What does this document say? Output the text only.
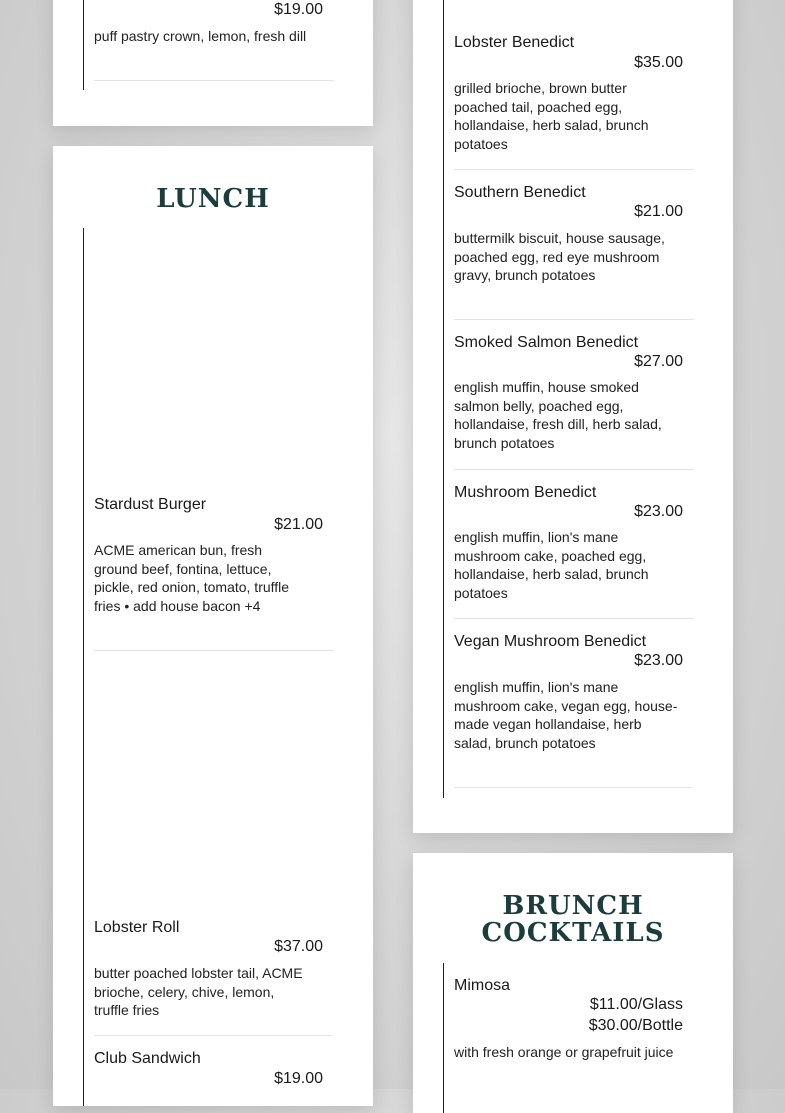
$19.00
puff pastry crown, lemon, fresh dill
LUNCH
Stardust Burger
$21.00
ACME american bun, fresh ground beef, fontina, lettuce, pickle, red onion, tomato, truffle fries • add house bacon +4
Lobster Roll
$37.00
butter poached lobster tail, ACME brioche, celery, chive, lemon, truffle fries
Club Sandwich
$19.00
Lobster Benedict
$35.00
grilled brioche, brown butter poached tail, poached egg, hollandaise, herb salad, brunch potatoes
Southern Benedict
$21.00
buttermilk biscuit, house sausage, poached egg, red eye mushroom gravy, brunch potatoes
Smoked Salmon Benedict
$27.00
english muffin, house smoked salmon belly, poached egg, hollandaise, fresh dill, herb salad, brunch potatoes
Mushroom Benedict
$23.00
english muffin, lion's mane mushroom cake, poached egg, hollandaise, herb salad, brunch potatoes
Vegan Mushroom Benedict
$23.00
english muffin, lion's mane mushroom cake, vegan egg, house-made vegan hollandaise, herb salad, brunch potatoes
BRUNCH
COCKTAILS
Mimosa
$11.00/Glass
$30.00/Bottle
with fresh orange or grapefruit juice
